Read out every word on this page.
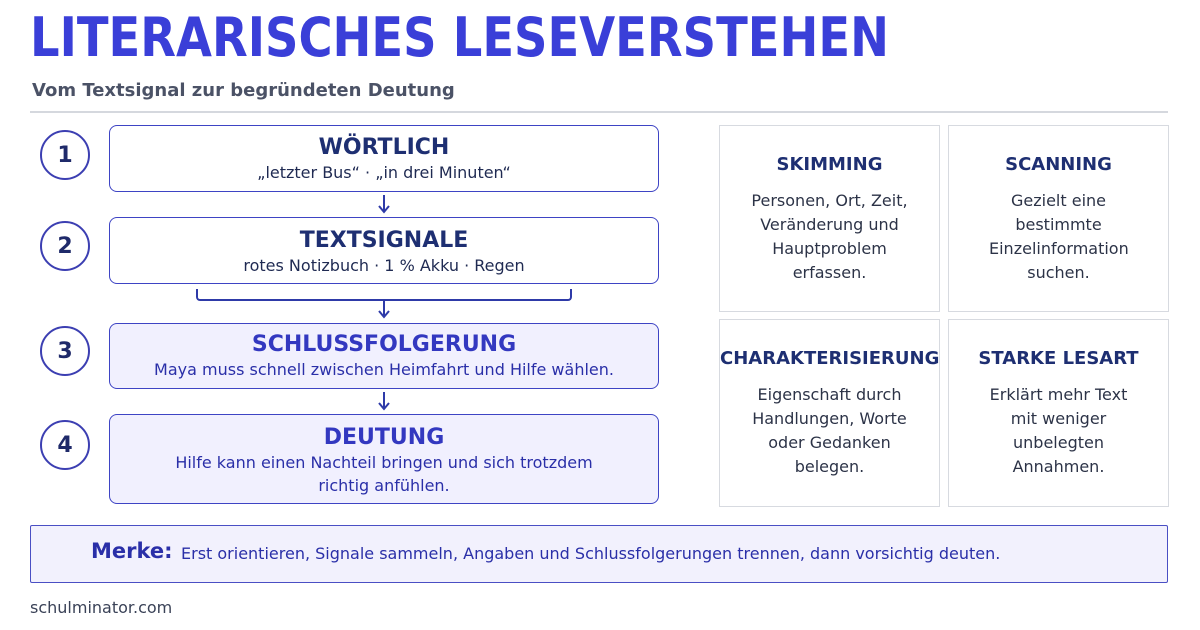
LITERARISCHES LESEVERSTEHEN
Vom Textsignal zur begründeten Deutung
1	WÖRTLICH
„letzter Bus“ · „in drei Minuten“
2	TEXTSIGNALE
rotes Notizbuch · 1 % Akku · Regen
3	SCHLUSSFOLGERUNG
Maya muss schnell zwischen Heimfahrt und Hilfe wählen.
4	DEUTUNG
Hilfe kann einen Nachteil bringen und sich trotzdem richtig anfühlen.
SKIMMING
Personen, Ort, Zeit, Veränderung und Hauptproblem erfassen.
SCANNING
Gezielt eine bestimmte Einzelinformation suchen.
CHARAKTERISIERUNG
Eigenschaft durch Handlungen, Worte oder Gedanken belegen.
STARKE LESART
Erklärt mehr Text mit weniger unbelegten Annahmen.
Merke: Erst orientieren, Signale sammeln, Angaben und Schlussfolgerungen trennen, dann vorsichtig deuten.
schulminator.com
